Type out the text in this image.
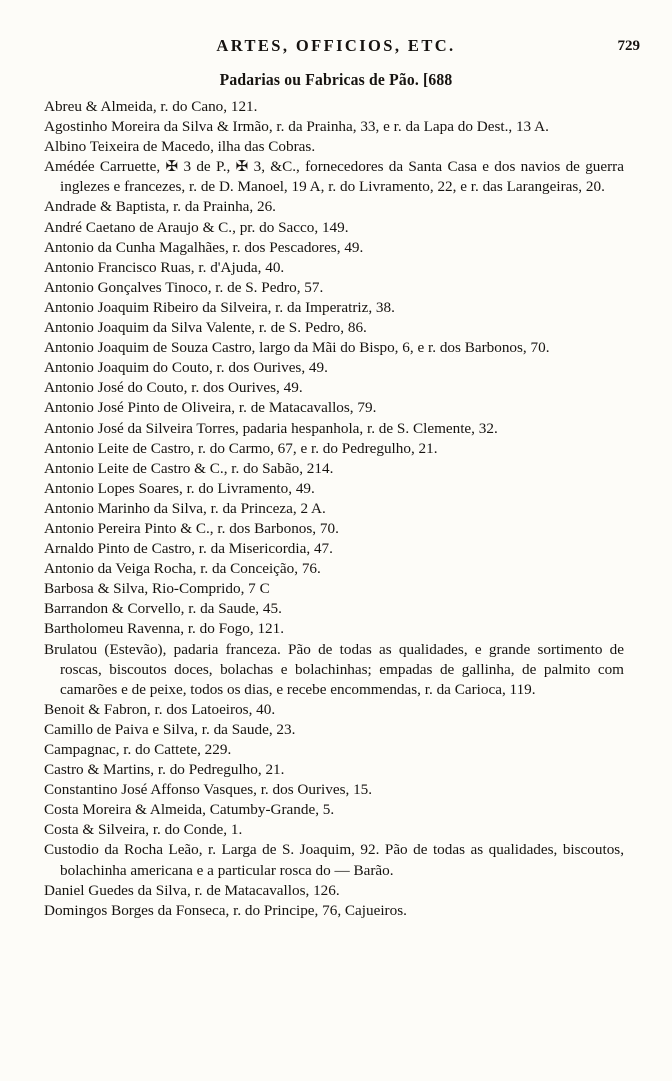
ARTES, OFFICIOS, ETC.	729
Padarias ou Fabricas de Pão. [688

Abreu & Almeida, r. do Cano, 121.

Agostinho Moreira da Silva & Irmão, r. da Prainha, 33, e r. da Lapa do Dest., 13 A.

Albino Teixeira de Macedo, ilha das Cobras.

Amédée Carruette, ✠ 3 de P., ✠ 3, &C., fornecedores da Santa Casa e dos navios de guerra inglezes e francezes, r. de D. Manoel, 19 A, r. do Livramento, 22, e r. das Larangeiras, 20.

Andrade & Baptista, r. da Prainha, 26.

André Caetano de Araujo & C., pr. do Sacco, 149.

Antonio da Cunha Magalhães, r. dos Pescadores, 49.

Antonio Francisco Ruas, r. d'Ajuda, 40.

Antonio Gonçalves Tinoco, r. de S. Pedro, 57.

Antonio Joaquim Ribeiro da Silveira, r. da Imperatriz, 38.

Antonio Joaquim da Silva Valente, r. de S. Pedro, 86.

Antonio Joaquim de Souza Castro, largo da Mãi do Bispo, 6, e r. dos Barbonos, 70.

Antonio Joaquim do Couto, r. dos Ourives, 49.

Antonio José do Couto, r. dos Ourives, 49.

Antonio José Pinto de Oliveira, r. de Matacavallos, 79.

Antonio José da Silveira Torres, padaria hespanhola, r. de S. Clemente, 32.

Antonio Leite de Castro, r. do Carmo, 67, e r. do Pedregulho, 21.

Antonio Leite de Castro & C., r. do Sabão, 214.

Antonio Lopes Soares, r. do Livramento, 49.

Antonio Marinho da Silva, r. da Princeza, 2 A.

Antonio Pereira Pinto & C., r. dos Barbonos, 70.

Arnaldo Pinto de Castro, r. da Misericordia, 47.

Antonio da Veiga Rocha, r. da Conceição, 76.

Barbosa & Silva, Rio-Comprido, 7 C

Barrandon & Corvello, r. da Saude, 45.

Bartholomeu Ravenna, r. do Fogo, 121.

Brulatou (Estevão), padaria franceza. Pão de todas as qualidades, e grande sortimento de roscas, biscoutos doces, bolachas e bolachinhas; empadas de gallinha, de palmito com camarões e de peixe, todos os dias, e recebe encommendas, r. da Carioca, 119.

Benoit & Fabron, r. dos Latoeiros, 40.

Camillo de Paiva e Silva, r. da Saude, 23.

Campagnac, r. do Cattete, 229.

Castro & Martins, r. do Pedregulho, 21.

Constantino José Affonso Vasques, r. dos Ourives, 15.

Costa Moreira & Almeida, Catumby-Grande, 5.

Costa & Silveira, r. do Conde, 1.

Custodio da Rocha Leão, r. Larga de S. Joaquim, 92. Pão de todas as qualidades, biscoutos, bolachinha americana e a particular rosca do — Barão.

Daniel Guedes da Silva, r. de Matacavallos, 126.

Domingos Borges da Fonseca, r. do Principe, 76, Cajueiros.
